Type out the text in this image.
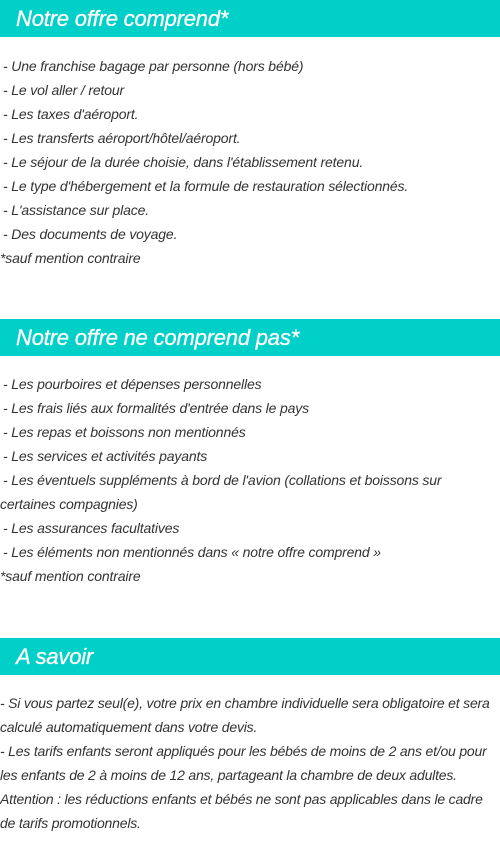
Notre offre comprend*
- Une franchise bagage par personne (hors bébé)
- Le vol aller / retour
- Les taxes d'aéroport.
- Les transferts aéroport/hôtel/aéroport.
- Le séjour de la durée choisie, dans l'établissement retenu.
- Le type d'hébergement et la formule de restauration sélectionnés.
- L'assistance sur place.
- Des documents de voyage.
*sauf mention contraire
Notre offre ne comprend pas*
- Les pourboires et dépenses personnelles
- Les frais liés aux formalités d'entrée dans le pays
- Les repas et boissons non mentionnés
- Les services et activités payants
- Les éventuels suppléments à bord de l'avion (collations et boissons sur certaines compagnies)
- Les assurances facultatives
- Les éléments non mentionnés dans « notre offre comprend »
*sauf mention contraire
A savoir

- Si vous partez seul(e), votre prix en chambre individuelle sera obligatoire et sera calculé automatiquement dans votre devis.

- Les tarifs enfants seront appliqués pour les bébés de moins de 2 ans et/ou pour les enfants de 2 à moins de 12 ans, partageant la chambre de deux adultes.

Attention : les réductions enfants et bébés ne sont pas applicables dans le cadre de tarifs promotionnels.
